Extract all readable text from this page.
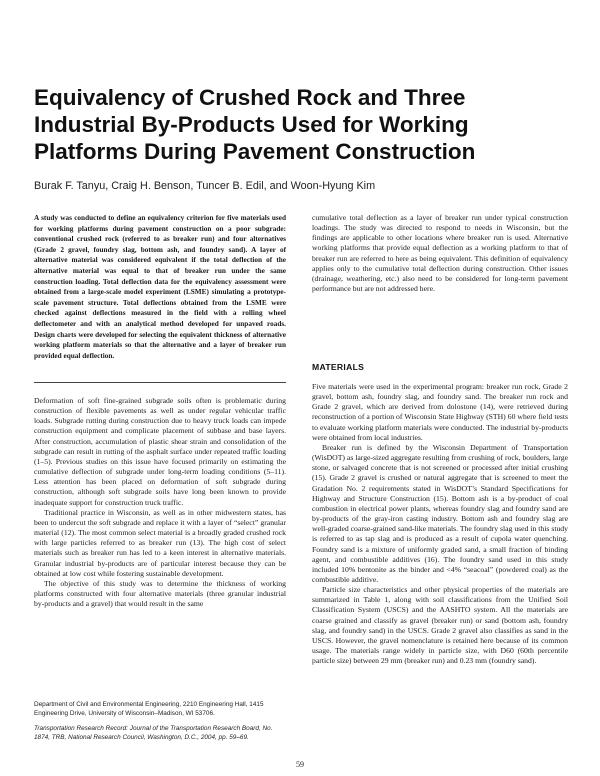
Equivalency of Crushed Rock and Three
Industrial By-Products Used for Working
Platforms During Pavement Construction
Burak F. Tanyu, Craig H. Benson, Tuncer B. Edil, and Woon-Hyung Kim

A study was conducted to define an equivalency criterion for five materials used for working platforms during pavement construction on a poor subgrade: conventional crushed rock (referred to as breaker run) and four alternatives (Grade 2 gravel, foundry slag, bottom ash, and foundry sand). A layer of alternative material was considered equivalent if the total deflection of the alternative material was equal to that of breaker run under the same construction loading. Total deflection data for the equivalency assessment were obtained from a large-scale model experiment (LSME) simulating a prototype-scale pavement structure. Total deflections obtained from the LSME were checked against deflections measured in the field with a rolling wheel deflectometer and with an analytical method developed for unpaved roads. Design charts were developed for selecting the equivalent thickness of alternative working platform materials so that the alternative and a layer of breaker run provided equal deflection.

Deformation of soft fine-grained subgrade soils often is problematic during construction of flexible pavements as well as under regular vehicular traffic loads. Subgrade rutting during construction due to heavy truck loads can impede construction equipment and complicate placement of subbase and base layers. After construction, accumulation of plastic shear strain and consolidation of the subgrade can result in rutting of the asphalt surface under repeated traffic loading (1–5). Previous studies on this issue have focused primarily on estimating the cumulative deflection of subgrade under long-term loading conditions (5–11). Less attention has been placed on deformation of soft subgrade during construction, although soft subgrade soils have long been known to provide inadequate support for construction truck traffic.

Traditional practice in Wisconsin, as well as in other midwestern states, has been to undercut the soft subgrade and replace it with a layer of “select” granular material (12). The most common select material is a broadly graded crushed rock with large particles referred to as breaker run (13). The high cost of select materials such as breaker run has led to a keen interest in alternative materials. Granular industrial by-products are of particular interest because they can be obtained at low cost while fostering sustainable development.

The objective of this study was to determine the thickness of working platforms constructed with four alternative materials (three granular industrial by-products and a gravel) that would result in the same

cumulative total deflection as a layer of breaker run under typical construction loadings. The study was directed to respond to needs in Wisconsin, but the findings are applicable to other locations where breaker run is used. Alternative working platforms that provide equal deflection as a working platform to that of breaker run are referred to here as being equivalent. This definition of equivalency applies only to the cumulative total deflection during construction. Other issues (drainage, weathering, etc.) also need to be considered for long-term pavement performance but are not addressed here.

MATERIALS

Five materials were used in the experimental program: breaker run rock, Grade 2 gravel, bottom ash, foundry slag, and foundry sand. The breaker run rock and Grade 2 gravel, which are derived from dolostone (14), were retrieved during reconstruction of a portion of Wisconsin State Highway (STH) 60 where field tests to evaluate working platform materials were conducted. The industrial by-products were obtained from local industries.

Breaker run is defined by the Wisconsin Department of Transportation (WisDOT) as large-sized aggregate resulting from crushing of rock, boulders, large stone, or salvaged concrete that is not screened or processed after initial crushing (15). Grade 2 gravel is crushed or natural aggregate that is screened to meet the Gradation No. 2 requirements stated in WisDOT’s Standard Specifications for Highway and Structure Construction (15). Bottom ash is a by-product of coal combustion in electrical power plants, whereas foundry slag and foundry sand are by-products of the gray-iron casting industry. Bottom ash and foundry slag are well-graded coarse-grained sand-like materials. The foundry slag used in this study is referred to as tap slag and is produced as a result of cupola water quenching. Foundry sand is a mixture of uniformly graded sand, a small fraction of binding agent, and combustible additives (16). The foundry sand used in this study included 10% bentonite as the binder and <4% “seacoal” (powdered coal) as the combustible additive.

Particle size characteristics and other physical properties of the materials are summarized in Table 1, along with soil classifications from the Unified Soil Classification System (USCS) and the AASHTO system. All the materials are coarse grained and classify as gravel (breaker run) or sand (bottom ash, foundry slag, and foundry sand) in the USCS. Grade 2 gravel also classifies as sand in the USCS. However, the gravel nomenclature is retained here because of its common usage. The materials range widely in particle size, with D60 (60th percentile particle size) between 29 mm (breaker run) and 0.23 mm (foundry sand).

Department of Civil and Environmental Engineering, 2210 Engineering Hall, 1415 Engineering Drive, University of Wisconsin–Madison, WI 53706.

Transportation Research Record: Journal of the Transportation Research Board, No. 1874, TRB, National Research Council, Washington, D.C., 2004, pp. 59–69.

59
